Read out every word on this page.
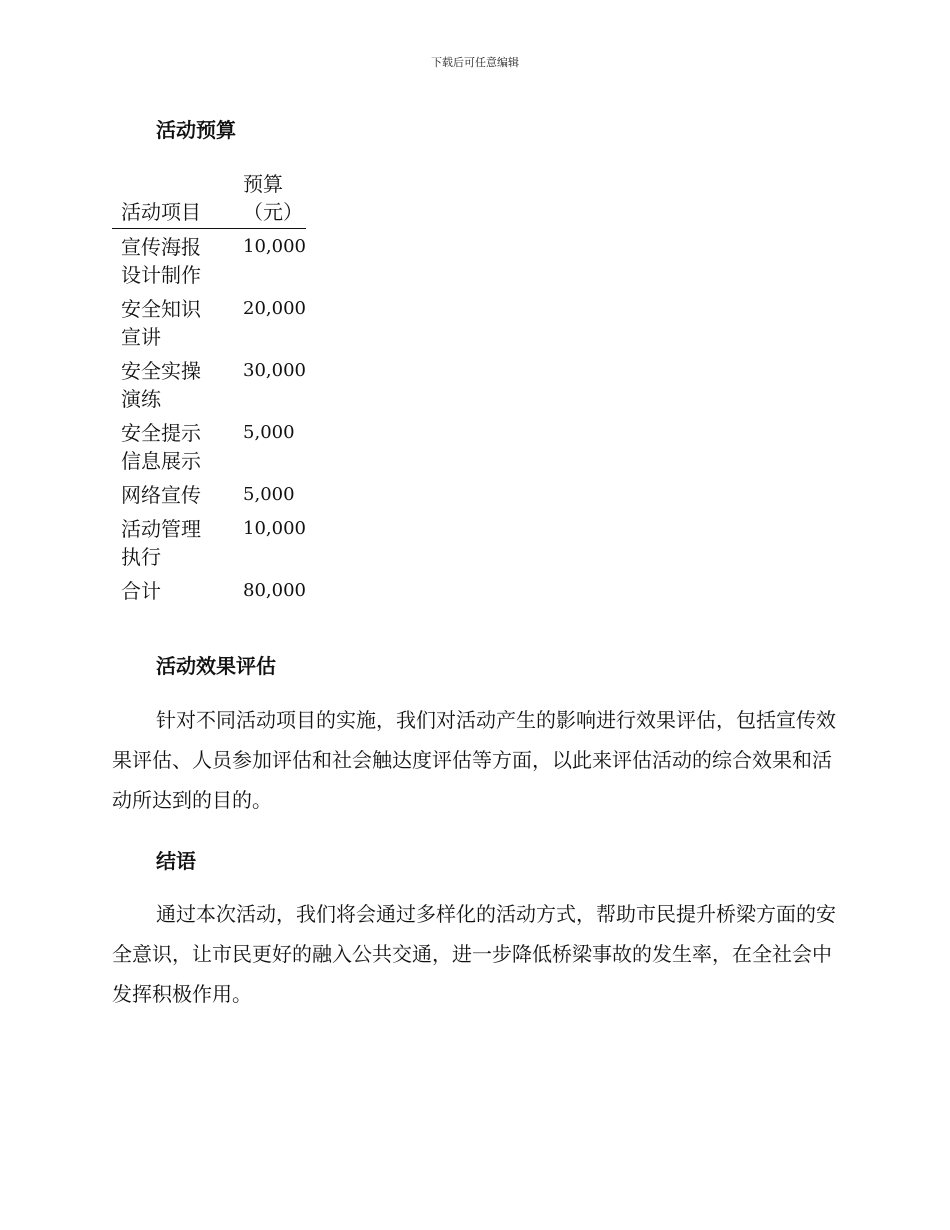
下载后可任意编辑
活动预算
活动项目	预算（元）

宣传海报设计制作	10,000

安全知识宣讲	20,000

安全实操演练	30,000

安全提示信息展示	5,000

网络宣传	5,000

活动管理执行	10,000

合计	80,000
活动效果评估

针对不同活动项目的实施，我们对活动产生的影响进行效果评估，包括宣传效果评估、人员参加评估和社会触达度评估等方面，以此来评估活动的综合效果和活动所达到的目的。

结语

通过本次活动，我们将会通过多样化的活动方式，帮助市民提升桥梁方面的安全意识，让市民更好的融入公共交通，进一步降低桥梁事故的发生率，在全社会中发挥积极作用。
